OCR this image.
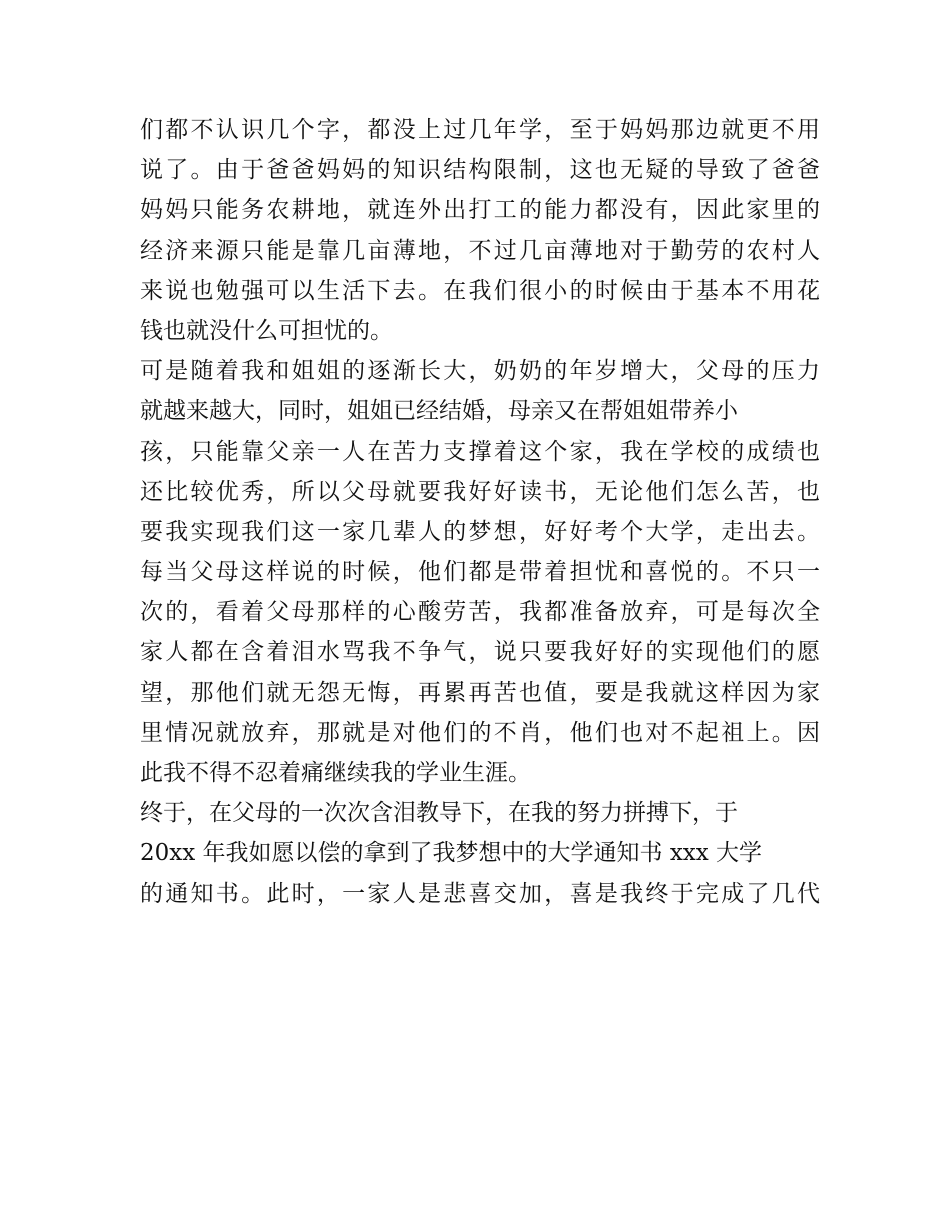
们都不认识几个字，都没上过几年学，至于妈妈那边就更不用
说了。由于爸爸妈妈的知识结构限制，这也无疑的导致了爸爸
妈妈只能务农耕地，就连外出打工的能力都没有，因此家里的
经济来源只能是靠几亩薄地，不过几亩薄地对于勤劳的农村人
来说也勉强可以生活下去。在我们很小的时候由于基本不用花
钱也就没什么可担忧的。
可是随着我和姐姐的逐渐长大，奶奶的年岁增大，父母的压力
就越来越大，同时，姐姐已经结婚，母亲又在帮姐姐带养小
孩，只能靠父亲一人在苦力支撑着这个家，我在学校的成绩也
还比较优秀，所以父母就要我好好读书，无论他们怎么苦，也
要我实现我们这一家几辈人的梦想，好好考个大学，走出去。
每当父母这样说的时候，他们都是带着担忧和喜悦的。不只一
次的，看着父母那样的心酸劳苦，我都准备放弃，可是每次全
家人都在含着泪水骂我不争气，说只要我好好的实现他们的愿
望，那他们就无怨无悔，再累再苦也值，要是我就这样因为家
里情况就放弃，那就是对他们的不肖，他们也对不起祖上。因
此我不得不忍着痛继续我的学业生涯。
终于，在父母的一次次含泪教导下，在我的努力拼搏下，于
20xx 年我如愿以偿的拿到了我梦想中的大学通知书 xxx 大学
的通知书。此时，一家人是悲喜交加，喜是我终于完成了几代
